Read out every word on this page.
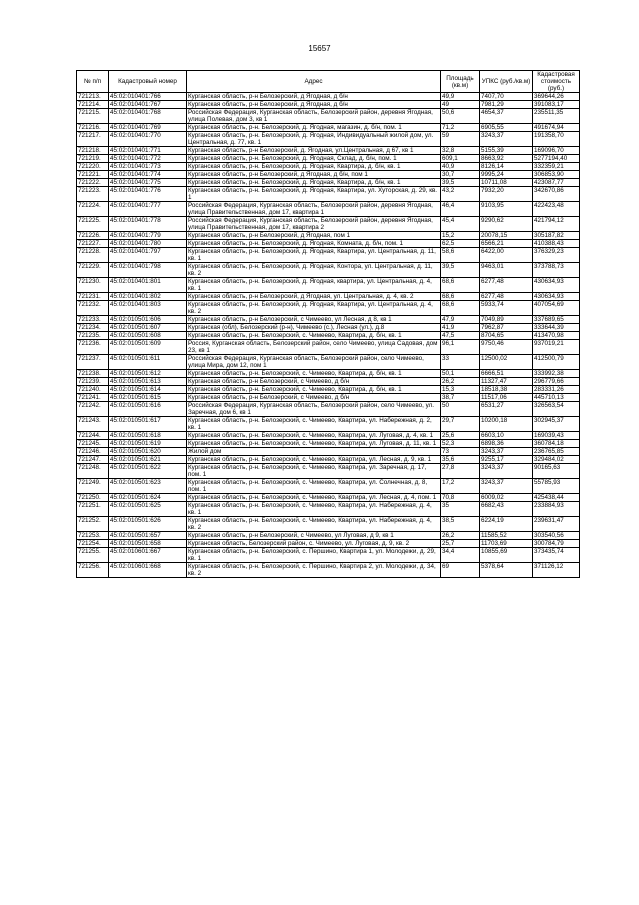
15657
№ п/п	Кадастровый номер	Адрес	Площадь (кв.м)	УПКС (руб./кв.м)	Кадастровая стоимость (руб.)
721213.	45:02:010401:766	Курганская область, р-н Белозерский, д Ягодная, д б/н	49,9	7407,70	369644,26
721214.	45:02:010401:767	Курганская область, р-н Белозерский, д Ягодная, д б/н	49	7981,29	391083,17
721215.	45:02:010401:768	Российская Федерация, Курганская область, Белозерский район, деревня Ягодная, улица Полевая, дом 3, кв 1	50,6	4654,37	235511,35
721216.	45:02:010401:769	Курганская область, р-н. Белозерский, д. Ягодная, магазин, д. б/н, пом. 1	71,2	6905,55	491674,94
721217.	45:02:010401:770	Курганская область, р-н. Белозерский, д. Ягодная, Индивидуальный жилой дом, ул. Центральная, д. 77, кв. 1	59	3243,37	191358,70
721218.	45:02:010401:771	Курганская область, р-н Белозерский, д. Ягодная, ул.Центральная, д 67, кв 1	32,8	5155,39	169096,70
721219.	45:02:010401:772	Курганская область, р-н. Белозерский, д. Ягодная, Склад, д. б/н, пом. 1	609,1	8663,92	5277194,40
721220.	45:02:010401:773	Курганская область, р-н. Белозерский, д. Ягодная, Квартира, д. б/н, кв. 1	40,9	8126,14	332359,21
721221.	45:02:010401:774	Курганская область, р-н Белозерский, д Ягодная, д б/н, пом 1	30,7	9995,24	306853,90
721222.	45:02:010401:775	Курганская область, р-н. Белозерский, д. Ягодная, Квартира, д. б/н, кв. 1	39,5	10711,08	423087,77
721223.	45:02:010401:776	Курганская область, р-н. Белозерский, д. Ягодная, Квартира, ул. Хуторская, д. 29, кв. 1	43,2	7932,20	342670,86
721224.	45:02:010401:777	Российская Федерация, Курганская область, Белозерский район, деревня Ягодная, улица Правительственная, дом 17, квартира 1	46,4	9103,95	422423,48
721225.	45:02:010401:778	Российская Федерация, Курганская область, Белозерский район, деревня Ягодная, улица Правительственная, дом 17, квартира 2	45,4	9290,62	421794,12
721226.	45:02:010401:779	Курганская область, р-н Белозерский, д Ягодная, пом 1	15,2	20078,15	305187,82
721227.	45:02:010401:780	Курганская область, р-н. Белозерский, д. Ягодная, Комната, д. б/н, пом. 1	62,5	6566,21	410388,43
721228.	45:02:010401:797	Курганская область, р-н. Белозерский, д. Ягодная, Квартира, ул. Центральная, д. 11, кв. 1	58,6	6422,00	376329,23
721229.	45:02:010401:798	Курганская область, р-н. Белозерский, д. Ягодная, Контора, ул. Центральная, д. 11, кв. 2	39,5	9463,01	373788,73
721230.	45:02:010401:801	Курганская область, р-н. Белозерский, д. Ягодная, квартира, ул. Центральная, д. 4, кв. 1	68,6	6277,48	430634,93
721231.	45:02:010401:802	Курганская область, р-н Белозерский, д Ягодная, ул. Центральная, д. 4, кв. 2	68,6	6277,48	430634,93
721232.	45:02:010401:803	Курганская область, р-н. Белозерский, д. Ягодная, Квартира, ул. Центральная, д. 4, кв. 2	68,6	5933,74	407054,69
721233.	45:02:010501:606	Курганская область, р-н Белозерский, с Чимеево, ул Лесная, д 8, кв 1	47,9	7049,89	337689,65
721234.	45:02:010501:607	Курганская (обл), Белозерский (р-н), Чимеево (с.), Лесная (ул.), д.8	41,9	7962,87	333644,39
721235.	45:02:010501:608	Курганская область, р-н. Белозерский, с. Чимеево, Квартира, д. б/н, кв. 1	47,5	8704,65	413470,98
721236.	45:02:010501:609	Россия, Курганская область, Белозерский район, село Чимеево, улица Садовая, дом 23, кв 1	96,1	9750,46	937019,21
721237.	45:02:010501:611	Российская Федерация, Курганская область, Белозерский район, село Чимеево, улица Мира, дом 12, пом 1	33	12500,02	412500,79
721238.	45:02:010501:612	Курганская область, р-н. Белозерский, с. Чимеево, Квартира, д. б/н, кв. 1	50,1	6666,51	333992,38
721239.	45:02:010501:613	Курганская область, р-н Белозерский, с Чимеево, д б/н	26,2	11327,47	296779,66
721240.	45:02:010501:614	Курганская область, р-н. Белозерский, с. Чимеево, Квартира, д. б/н, кв. 1	15,3	18518,38	283331,26
721241.	45:02:010501:615	Курганская область, р-н Белозерский, с Чимеево, д б/н	38,7	11517,06	445710,13
721242.	45:02:010501:616	Российская Федерация, Курганская область, Белозерский район, село Чимеево, ул. Заречная, дом 6, кв 1	50	6531,27	326563,54
721243.	45:02:010501:617	Курганская область, р-н. Белозерский, с. Чимеево, Квартира, ул. Набережная, д. 2, кв. 1	29,7	10200,18	302945,37
721244.	45:02:010501:618	Курганская область, р-н. Белозерский, с. Чимеево, Квартира, ул. Луговая, д. 4, кв. 1	25,6	6603,10	169039,43
721245.	45:02:010501:619	Курганская область, р-н. Белозерский, с. Чимеево, Квартира, ул. Луговая, д. 11, кв. 1	52,3	6898,36	360784,18
721246.	45:02:010501:620	Жилой дом	73	3243,37	236765,85
721247.	45:02:010501:621	Курганская область, р-н. Белозерский, с. Чимеево, Квартира, ул. Лесная, д. 9, кв. 1	35,6	9255,17	329484,02
721248.	45:02:010501:622	Курганская область, р-н. Белозерский, с. Чимеево, Квартира, ул. Заречная, д. 17, пом. 1	27,8	3243,37	90165,63
721249.	45:02:010501:623	Курганская область, р-н. Белозерский, с. Чимеево, Квартира, ул. Солнечная, д. 8, пом. 1	17,2	3243,37	55785,93
721250.	45:02:010501:624	Курганская область, р-н. Белозерский, с. Чимеево, Квартира, ул. Лесная, д. 4, пом. 1	70,8	6009,02	425438,44
721251.	45:02:010501:625	Курганская область, р-н. Белозерский, с. Чимеево, Квартира, ул. Набережная, д. 4, кв. 1	35	6682,43	233884,93
721252.	45:02:010501:626	Курганская область, р-н. Белозерский, с. Чимеево, Квартира, ул. Набережная, д. 4, кв. 2	38,5	6224,19	239631,47
721253.	45:02:010501:657	Курганская область, р-н Белозерский, с Чимеево, ул Луговая, д 9, кв 1	26,2	11585,52	303540,56
721254.	45:02:010501:658	Курганская область, Белозерский район, с. Чимеево, ул. Луговая, д. 9, кв. 2	25,7	11703,69	300784,79
721255.	45:02:010601:667	Курганская область, р-н. Белозерский, с. Першино, Квартира 1, ул. Молодежи, д. 29, кв. 1	34,4	10855,69	373435,74
721256.	45:02:010601:668	Курганская область, р-н. Белозерский, с. Першино, Квартира 2, ул. Молодежи, д. 34, кв. 2	69	5378,64	371126,12
